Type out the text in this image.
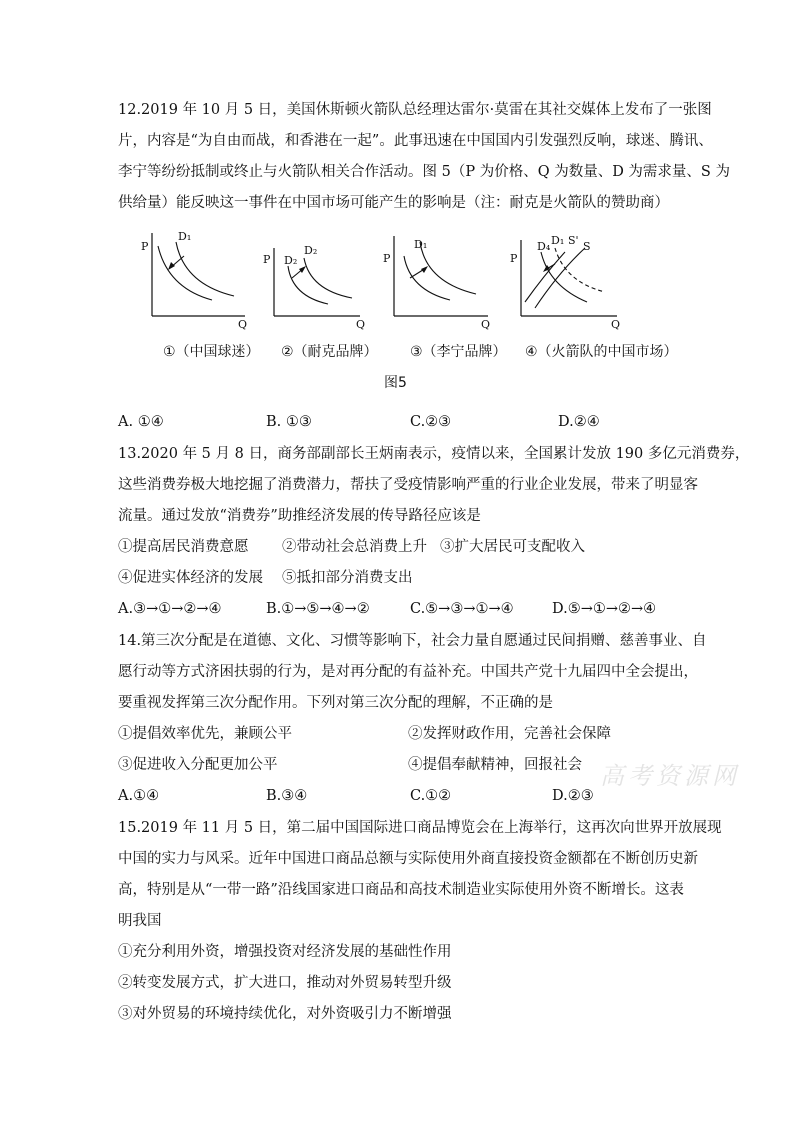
12.2019 年 10 月 5 日，美国休斯顿火箭队总经理达雷尔·莫雷在其社交媒体上发布了一张图
片，内容是“为自由而战，和香港在一起”。此事迅速在中国国内引发强烈反响，球迷、腾讯、
李宁等纷纷抵制或终止与火箭队相关合作活动。图 5（P 为价格、Q 为数量、D 为需求量、S 为
供给量）能反映这一事件在中国市场可能产生的影响是（注：耐克是火箭队的赞助商）
P
Q
D₁
P
Q
D₂
D₂
P
Q
D₁
P
Q
D₄ D₁ S' S
①（中国球迷） ②（耐克品牌） ③（李宁品牌） ④（火箭队的中国市场）
图5
A. ①④	B. ①③	C.②③	D.②④
13.2020 年 5 月 8 日，商务部副部长王炳南表示，疫情以来，全国累计发放 190 多亿元消费券，
这些消费券极大地挖掘了消费潜力，帮扶了受疫情影响严重的行业企业发展，带来了明显客
流量。通过发放“消费券”助推经济发展的传导路径应该是
①提高居民消费意愿 ②带动社会总消费上升 ③扩大居民可支配收入
④促进实体经济的发展 ⑤抵扣部分消费支出
A.③→①→②→④	B.①→⑤→④→②	C.⑤→③→①→④	D.⑤→①→②→④
14.第三次分配是在道德、文化、习惯等影响下，社会力量自愿通过民间捐赠、慈善事业、自
愿行动等方式济困扶弱的行为，是对再分配的有益补充。中国共产党十九届四中全会提出，
要重视发挥第三次分配作用。下列对第三次分配的理解，不正确的是
①提倡效率优先，兼顾公平	②发挥财政作用，完善社会保障
③促进收入分配更加公平	④提倡奉献精神，回报社会 高考资源网
A.①④	B.③④	C.①②	D.②③
15.2019 年 11 月 5 日，第二届中国国际进口商品博览会在上海举行，这再次向世界开放展现
中国的实力与风采。近年中国进口商品总额与实际使用外商直接投资金额都在不断创历史新
高，特别是从“一带一路”沿线国家进口商品和高技术制造业实际使用外资不断增长。这表
明我国
①充分利用外资，增强投资对经济发展的基础性作用
②转变发展方式，扩大进口，推动对外贸易转型升级
③对外贸易的环境持续优化，对外资吸引力不断增强
